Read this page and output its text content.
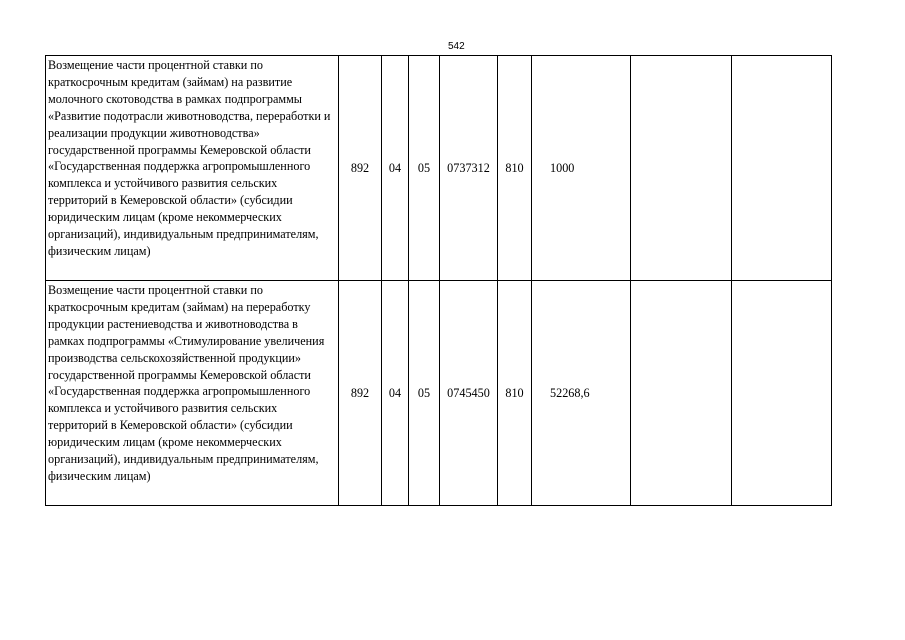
542
Возмещение части процентной ставки по краткосрочным кредитам (займам) на развитие молочного скотоводства в рамках подпрограммы «Развитие подотрасли животноводства, переработки и реализации продукции животноводства» государственной программы Кемеровской области «Государственная поддержка агропромышленного комплекса и устойчивого развития сельских территорий в Кемеровской области» (субсидии юридическим лицам (кроме некоммерческих организаций), индивидуальным предпринимателям, физическим лицам)	892	04	05	0737312	810	1000		
Возмещение части процентной ставки по краткосрочным кредитам (займам) на переработку продукции растениеводства и животноводства в рамках подпрограммы «Стимулирование увеличения производства сельскохозяйственной продукции» государственной программы Кемеровской области «Государственная поддержка агропромышленного комплекса и устойчивого развития сельских территорий в Кемеровской области» (субсидии юридическим лицам (кроме некоммерческих организаций), индивидуальным предпринимателям, физическим лицам)	892	04	05	0745450	810	52268,6		
